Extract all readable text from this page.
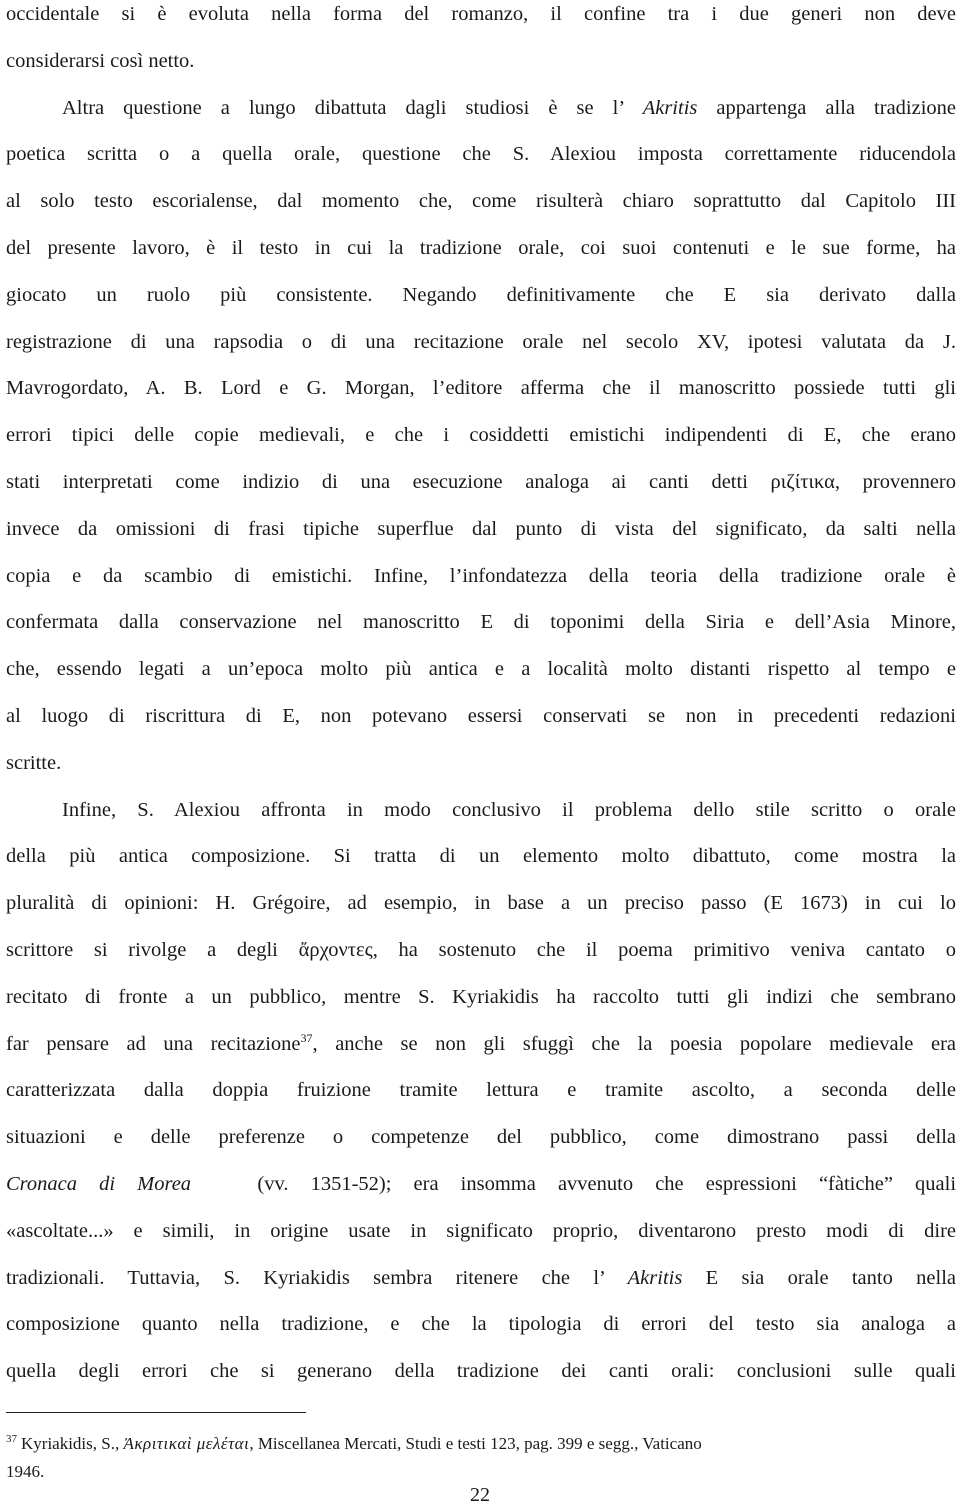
occidentale si è evoluta nella forma del romanzo, il confine tra i due generi non deve
considerarsi così netto.
Altra questione a lungo dibattuta dagli studiosi è se l’ Akritis appartenga alla tradizione
poetica scritta o a quella orale, questione che S. Alexiou imposta correttamente riducendola
al solo testo escorialense, dal momento che, come risulterà chiaro soprattutto dal Capitolo III
del presente lavoro, è il testo in cui la tradizione orale, coi suoi contenuti e le sue forme, ha
giocato un ruolo più consistente. Negando definitivamente che E sia derivato dalla
registrazione di una rapsodia o di una recitazione orale nel secolo XV, ipotesi valutata da J.
Mavrogordato, A. B. Lord e G. Morgan, l’editore afferma che il manoscritto possiede tutti gli
errori tipici delle copie medievali, e che i cosiddetti emistichi indipendenti di E, che erano
stati interpretati come indizio di una esecuzione analoga ai canti detti ριζίτικα, provennero
invece da omissioni di frasi tipiche superflue dal punto di vista del significato, da salti nella
copia e da scambio di emistichi. Infine, l’infondatezza della teoria della tradizione orale è
confermata dalla conservazione nel manoscritto E di toponimi della Siria e dell’Asia Minore,
che, essendo legati a un’epoca molto più antica e a località molto distanti rispetto al tempo e
al luogo di riscrittura di E, non potevano essersi conservati se non in precedenti redazioni
scritte.
Infine, S. Alexiou affronta in modo conclusivo il problema dello stile scritto o orale
della più antica composizione. Si tratta di un elemento molto dibattuto, come mostra la
pluralità di opinioni: H. Grégoire, ad esempio, in base a un preciso passo (E 1673) in cui lo
scrittore si rivolge a degli ἄρχοντες, ha sostenuto che il poema primitivo veniva cantato o
recitato di fronte a un pubblico, mentre S. Kyriakidis ha raccolto tutti gli indizi che sembrano
far pensare ad una recitazione$^{37}$, anche se non gli sfuggì che la poesia popolare medievale era
caratterizzata dalla doppia fruizione tramite lettura e tramite ascolto, a seconda delle
situazioni e delle preferenze o competenze del pubblico, come dimostrano passi della
Cronaca di Morea	(vv. 1351-52); era insomma avvenuto che espressioni “fàtiche” quali
«ascoltate...» e simili, in origine usate in significato proprio, diventarono presto modi di dire
tradizionali. Tuttavia, S. Kyriakidis sembra ritenere che l’ Akritis E sia orale tanto nella
composizione quanto nella tradizione, e che la tipologia di errori del testo sia analoga a
quella degli errori che si generano della tradizione dei canti orali: conclusioni sulle quali
$^{37}$ Kyriakidis, S., Ἀκριτικαὶ μελέται, Miscellanea Mercati, Studi e testi 123, pag. 399 e segg., Vaticano
1946.
22
